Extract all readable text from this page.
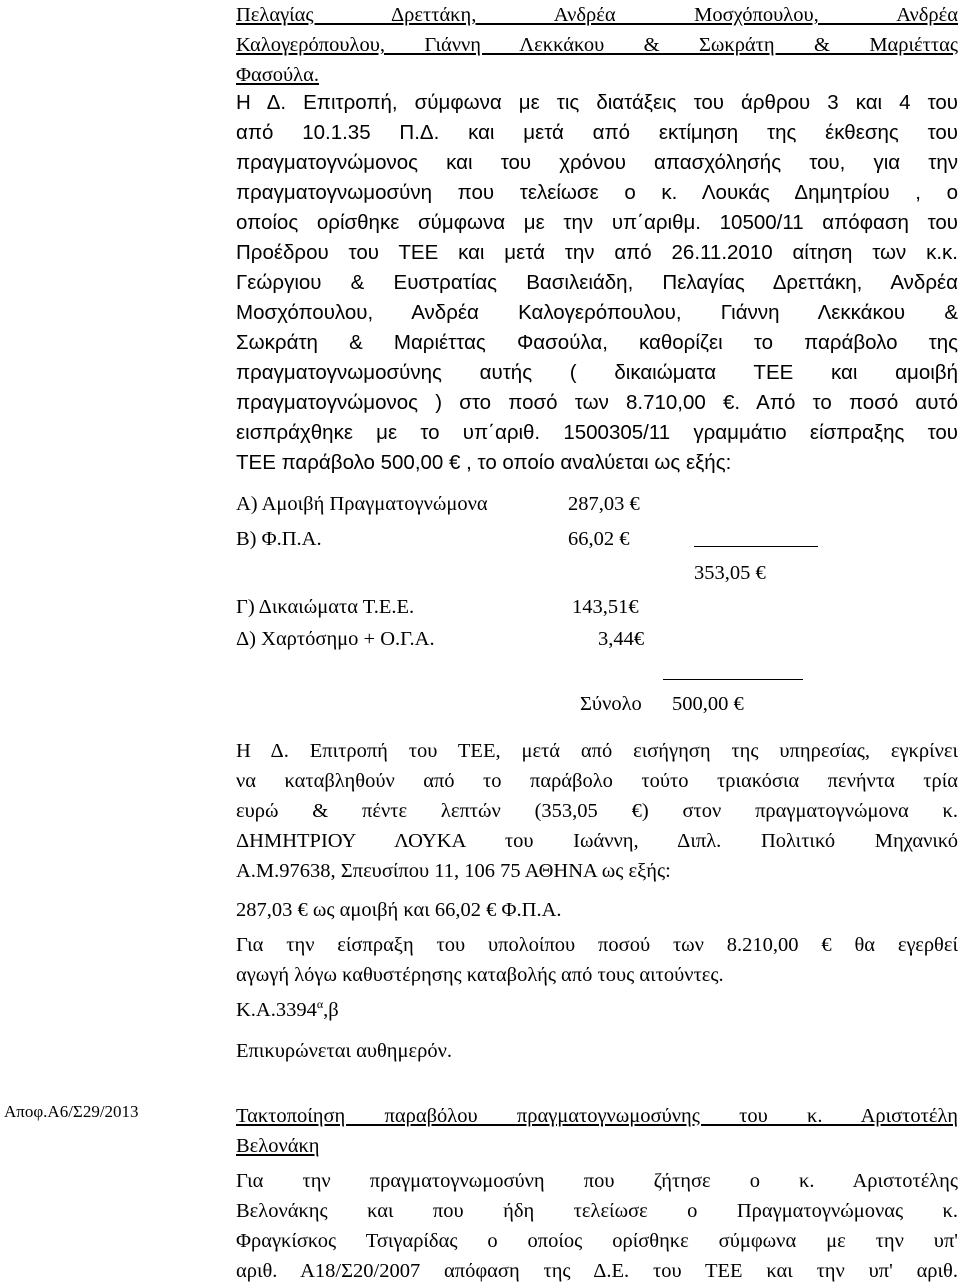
Πελαγίας Δρεττάκη, Ανδρέα Μοσχόπουλου, Ανδρέα

Καλογερόπουλου, Γιάννη Λεκκάκου & Σωκράτη & Μαριέττας

Φασούλα.

Η Δ. Επιτροπή, σύμφωνα με τις διατάξεις του άρθρου 3 και 4 του

από 10.1.35 Π.Δ. και μετά από εκτίμηση της έκθεσης του

πραγματογνώμονος και του χρόνου απασχόλησής του, για την

πραγματογνωμοσύνη που τελείωσε ο κ. Λουκάς Δημητρίου , ο

οποίος ορίσθηκε σύμφωνα με την υπ΄αριθμ. 10500/11 απόφαση του

Προέδρου του ΤΕΕ και μετά την από 26.11.2010 αίτηση των κ.κ.

Γεώργιου & Ευστρατίας Βασιλειάδη, Πελαγίας Δρεττάκη, Ανδρέα

Μοσχόπουλου, Ανδρέα Καλογερόπουλου, Γιάννη Λεκκάκου &

Σωκράτη & Μαριέττας Φασούλα, καθορίζει το παράβολο της

πραγματογνωμοσύνης αυτής ( δικαιώματα ΤΕΕ και αμοιβή

πραγματογνώμονος ) στο ποσό των 8.710,00 €. Από το ποσό αυτό

εισπράχθηκε με το υπ΄αριθ. 1500305/11 γραμμάτιο είσπραξης του

ΤΕΕ παράβολο 500,00 € , το οποίο αναλύεται ως εξής:

Α) Αμοιβή Πραγματογνώμονα	287,03 €

Β) Φ.Π.Α.	66,02 €

353,05 €

Γ) Δικαιώματα Τ.Ε.Ε.	143,51€

Δ) Χαρτόσημο + Ο.Γ.Α.	3,44€

Σύνολο 500,00 €

Η Δ. Επιτροπή του ΤΕΕ, μετά από εισήγηση της υπηρεσίας, εγκρίνει

να καταβληθούν από το παράβολο τούτο τριακόσια πενήντα τρία

ευρώ & πέντε λεπτών (353,05 €) στον πραγματογνώμονα κ.

ΔΗΜΗΤΡΙΟΥ ΛΟΥΚΑ του Ιωάννη, Διπλ. Πολιτικό Μηχανικό

Α.Μ.97638, Σπευσίπου 11, 106 75 ΑΘΗΝΑ ως εξής:

287,03 € ως αμοιβή και 66,02 € Φ.Π.Α.

Για την είσπραξη του υπολοίπου ποσού των 8.210,00 € θα εγερθεί

αγωγή λόγω καθυστέρησης καταβολής από τους αιτούντες.

$K.A.3394^\alpha,\beta$

Επικυρώνεται αυθημερόν.

Αποφ.Α6/Σ29/2013	Τακτοποίηση παραβόλου πραγματογνωμοσύνης του κ. Αριστοτέλη

Βελονάκη

Για την πραγματογνωμοσύνη που ζήτησε ο κ. Αριστοτέλης

Βελονάκης και που ήδη τελείωσε ο Πραγματογνώμονας κ.

Φραγκίσκος Τσιγαρίδας ο οποίος ορίσθηκε σύμφωνα με την υπ'

αριθ. Α18/Σ20/2007 απόφαση της Δ.Ε. του ΤΕΕ και την υπ' αριθ.
